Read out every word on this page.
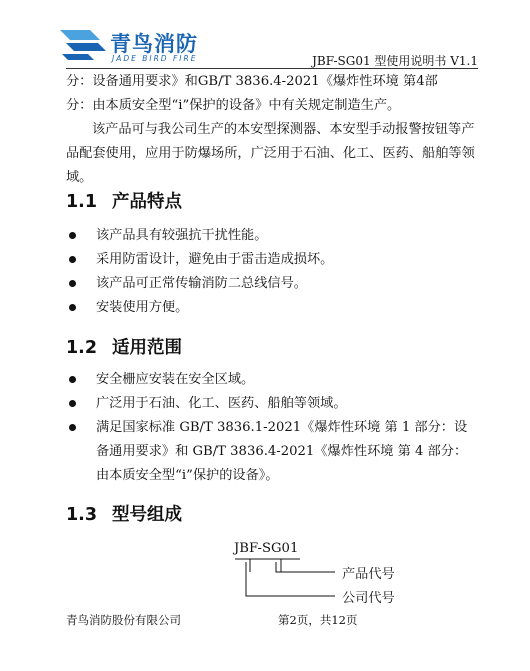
青鸟消防
JADE BIRD FIRE	JBF-SG01 型使用说明书 V1.1
分：设备通用要求》和GB/T 3836.4-2021《爆炸性环境 第4部
分：由本质安全型“i”保护的设备》中有关规定制造生产。
该产品可与我公司生产的本安型探测器、本安型手动报警按钮等产品配套使用，应用于防爆场所，广泛用于石油、化工、医药、船舶等领域。
1.1 产品特点
该产品具有较强抗干扰性能。
采用防雷设计，避免由于雷击造成损坏。
该产品可正常传输消防二总线信号。
安装使用方便。
1.2 适用范围
安全栅应安装在安全区域。
广泛用于石油、化工、医药、船舶等领域。
满足国家标准 GB/T 3836.1-2021《爆炸性环境 第 1 部分：设备通用要求》和 GB/T 3836.4-2021《爆炸性环境 第 4 部分：由本质安全型“i”保护的设备》。
1.3 型号组成
JBF-SG01
产品代号
公司代号
青鸟消防股份有限公司	第2页，共12页
